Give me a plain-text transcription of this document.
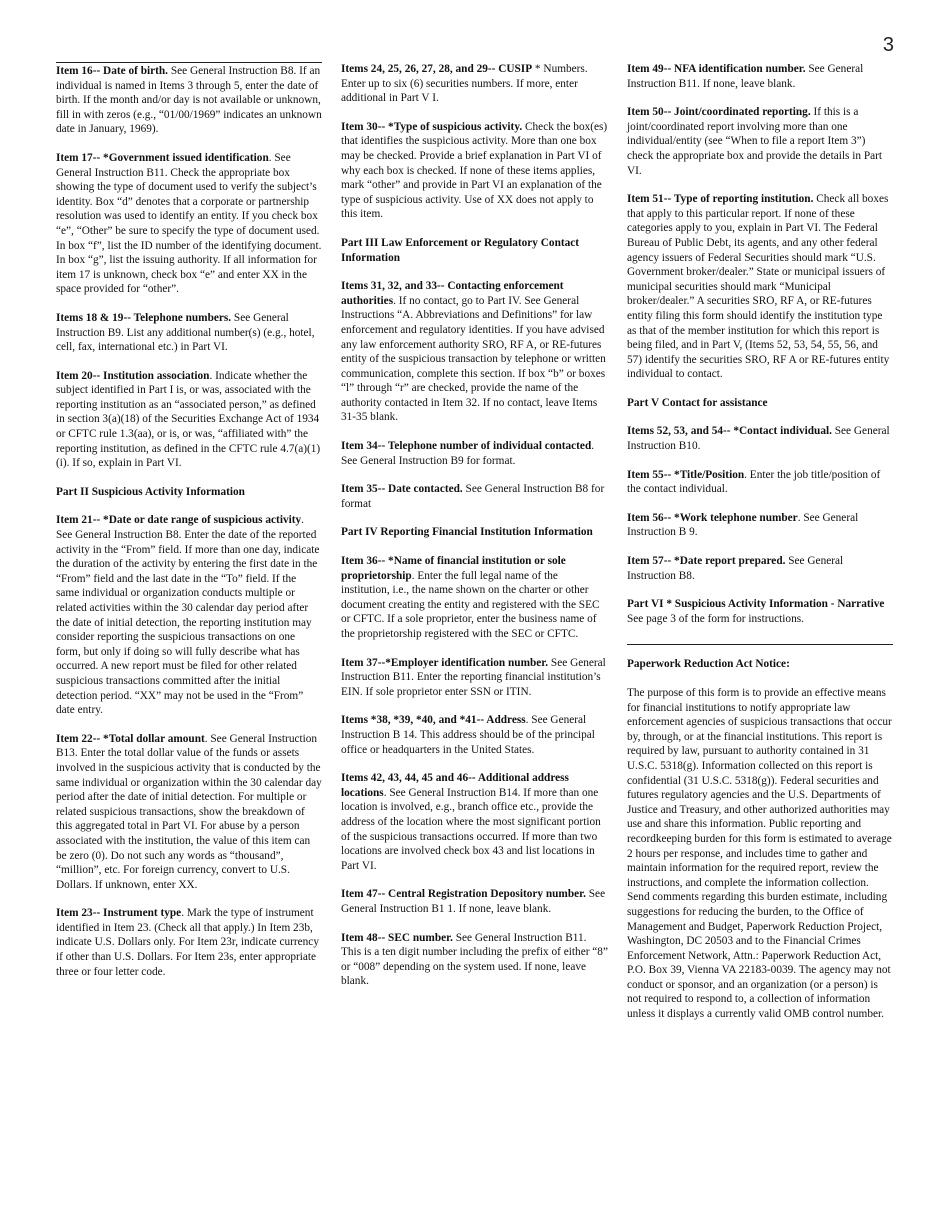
3
Item 16-- Date of birth. See General Instruction B8. If an individual is named in Items 3 through 5, enter the date of birth. If the month and/or day is not available or unknown, fill in with zeros (e.g., “01/00/1969” indicates an unknown date in January, 1969).
Item 17-- *Government issued identification. See General Instruction B11. Check the appropriate box showing the type of document used to verify the subject’s identity. Box “d” denotes that a corporate or partnership resolution was used to identify an entity. If you check box “e”, “Other” be sure to specify the type of document used. In box “f”, list the ID number of the identifying document. In box “g”, list the issuing authority. If all information for item 17 is unknown, check box “e” and enter XX in the space provided for “other”.
Items 18 & 19-- Telephone numbers. See General Instruction B9. List any additional number(s) (e.g., hotel, cell, fax, international etc.) in Part VI.
Item 20-- Institution association. Indicate whether the subject identified in Part I is, or was, associated with the reporting institution as an “associated person,” as defined in section 3(a)(18) of the Securities Exchange Act of 1934 or CFTC rule 1.3(aa), or is, or was, “affiliated with” the reporting institution, as defined in the CFTC rule 4.7(a)(1)(i). If so, explain in Part VI.
Part II Suspicious Activity Information
Item 21-- *Date or date range of suspicious activity. See General Instruction B8. Enter the date of the reported activity in the “From” field. If more than one day, indicate the duration of the activity by entering the first date in the “From” field and the last date in the “To” field. If the same individual or organization conducts multiple or related activities within the 30 calendar day period after the date of initial detection, the reporting institution may consider reporting the suspicious transactions on one form, but only if doing so will fully describe what has occurred. A new report must be filed for other related suspicious transactions committed after the initial detection period. “XX” may not be used in the “From” date entry.
Item 22-- *Total dollar amount. See General Instruction B13. Enter the total dollar value of the funds or assets involved in the suspicious activity that is conducted by the same individual or organization within the 30 calendar day period after the date of initial detection. For multiple or related suspicious transactions, show the breakdown of this aggregated total in Part VI. For abuse by a person associated with the institution, the value of this item can be zero (0). Do not such any words as “thousand”, “million”, etc. For foreign currency, convert to U.S. Dollars. If unknown, enter XX.
Item 23-- Instrument type. Mark the type of instrument identified in Item 23. (Check all that apply.) In Item 23b, indicate U.S. Dollars only. For Item 23r, indicate currency if other than U.S. Dollars. For Item 23s, enter appropriate three or four letter code.
Items 24, 25, 26, 27, 28, and 29-- CUSIP * Numbers. Enter up to six (6) securities numbers. If more, enter additional in Part V I.
Item 30-- *Type of suspicious activity. Check the box(es) that identifies the suspicious activity. More than one box may be checked. Provide a brief explanation in Part VI of why each box is checked. If none of these items applies, mark “other” and provide in Part VI an explanation of the type of suspicious activity. Use of XX does not apply to this item.
Part III Law Enforcement or Regulatory Contact Information
Items 31, 32, and 33-- Contacting enforcement authorities. If no contact, go to Part IV. See General Instructions “A. Abbreviations and Definitions” for law enforcement and regulatory identities. If you have advised any law enforcement authority SRO, RF A, or RE-futures entity of the suspicious transaction by telephone or written communication, complete this section. If box “b” or boxes “l” through “r” are checked, provide the name of the authority contacted in Item 32. If no contact, leave Items 31-35 blank.
Item 34-- Telephone number of individual contacted. See General Instruction B9 for format.
Item 35-- Date contacted. See General Instruction B8 for format
Part IV Reporting Financial Institution Information
Item 36-- *Name of financial institution or sole proprietorship. Enter the full legal name of the institution, i.e., the name shown on the charter or other document creating the entity and registered with the SEC or CFTC. If a sole proprietor, enter the business name of the proprietorship registered with the SEC or CFTC.
Item 37--*Employer identification number. See General Instruction B11. Enter the reporting financial institution’s EIN. If sole proprietor enter SSN or ITIN.
Items *38, *39, *40, and *41-- Address. See General Instruction B 14. This address should be of the principal office or headquarters in the United States.
Items 42, 43, 44, 45 and 46-- Additional address locations. See General Instruction B14. If more than one location is involved, e.g., branch office etc., provide the address of the location where the most significant portion of the suspicious transactions occurred. If more than two locations are involved check box 43 and list locations in Part VI.
Item 47-- Central Registration Depository number. See General Instruction B1 1. If none, leave blank.
Item 48-- SEC number. See General Instruction B11. This is a ten digit number including the prefix of either “8” or “008” depending on the system used. If none, leave blank.
Item 49-- NFA identification number. See General Instruction B11. If none, leave blank.
Item 50-- Joint/coordinated reporting. If this is a joint/coordinated report involving more than one individual/entity (see “When to file a report Item 3”) check the appropriate box and provide the details in Part VI.
Item 51-- Type of reporting institution. Check all boxes that apply to this particular report. If none of these categories apply to you, explain in Part VI. The Federal Bureau of Public Debt, its agents, and any other federal agency issuers of Federal Securities should mark “U.S. Government broker/dealer.” State or municipal issuers of municipal securities should mark “Municipal broker/dealer.” A securities SRO, RF A, or RE-futures entity filing this form should identify the institution type as that of the member institution for which this report is being filed, and in Part V, (Items 52, 53, 54, 55, 56, and 57) identify the securities SRO, RF A or RE-futures entity individual to contact.
Part V Contact for assistance
Items 52, 53, and 54-- *Contact individual. See General Instruction B10.
Item 55-- *Title/Position. Enter the job title/position of the contact individual.
Item 56-- *Work telephone number. See General Instruction B 9.
Item 57-- *Date report prepared. See General Instruction B8.
Part VI * Suspicious Activity Information - Narrative See page 3 of the form for instructions.
Paperwork Reduction Act Notice:
The purpose of this form is to provide an effective means for financial institutions to notify appropriate law enforcement agencies of suspicious transactions that occur by, through, or at the financial institutions. This report is required by law, pursuant to authority contained in 31 U.S.C. 5318(g). Information collected on this report is confidential (31 U.S.C. 5318(g)). Federal securities and futures regulatory agencies and the U.S. Departments of Justice and Treasury, and other authorized authorities may use and share this information. Public reporting and recordkeeping burden for this form is estimated to average 2 hours per response, and includes time to gather and maintain information for the required report, review the instructions, and complete the information collection. Send comments regarding this burden estimate, including suggestions for reducing the burden, to the Office of Management and Budget, Paperwork Reduction Project, Washington, DC 20503 and to the Financial Crimes Enforcement Network, Attn.: Paperwork Reduction Act, P.O. Box 39, Vienna VA 22183-0039. The agency may not conduct or sponsor, and an organization (or a person) is not required to respond to, a collection of information unless it displays a currently valid OMB control number.
